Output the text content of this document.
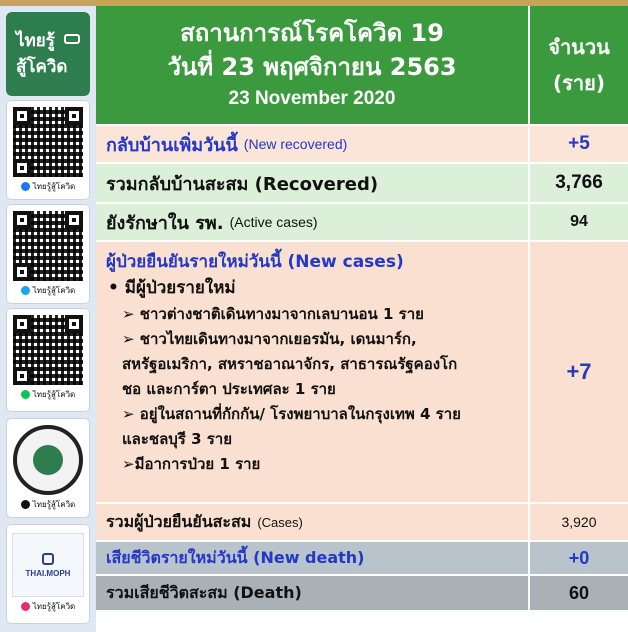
ไทยรู้
สู้โควิด
ไทยรู้สู้โควิด
ไทยรู้สู้โควิด
ไทยรู้สู้โควิด
ไทยรู้สู้โควิด
THAI.MOPH
ไทยรู้สู้โควิด
สถานการณ์โรคโควิด 19
วันที่ 23 พฤศจิกายน 2563
23 November 2020
จำนวน
(ราย)
กลับบ้านเพิ่มวันนี้ (New recovered)	+5
รวมกลับบ้านสะสม (Recovered)	3,766
ยังรักษาใน รพ. (Active cases)	94
ผู้ป่วยยืนยันรายใหม่วันนี้ (New cases)
• มีผู้ป่วยรายใหม่
➢ ชาวต่างชาติเดินทางมาจากเลบานอน 1 ราย
➢ ชาวไทยเดินทางมาจากเยอรมัน, เดนมาร์ก,
สหรัฐอเมริกา, สหราชอาณาจักร, สาธารณรัฐคองโก
ชอ และการ์ตา ประเทศละ 1 ราย
➢ อยู่ในสถานที่กักกัน/ โรงพยาบาลในกรุงเทพ 4 ราย
และชลบุรี 3 ราย
➢มีอาการป่วย 1 ราย
+7
รวมผู้ป่วยยืนยันสะสม (Cases)	3,920
เสียชีวิตรายใหม่วันนี้ (New death)	+0
รวมเสียชีวิตสะสม (Death)	60
